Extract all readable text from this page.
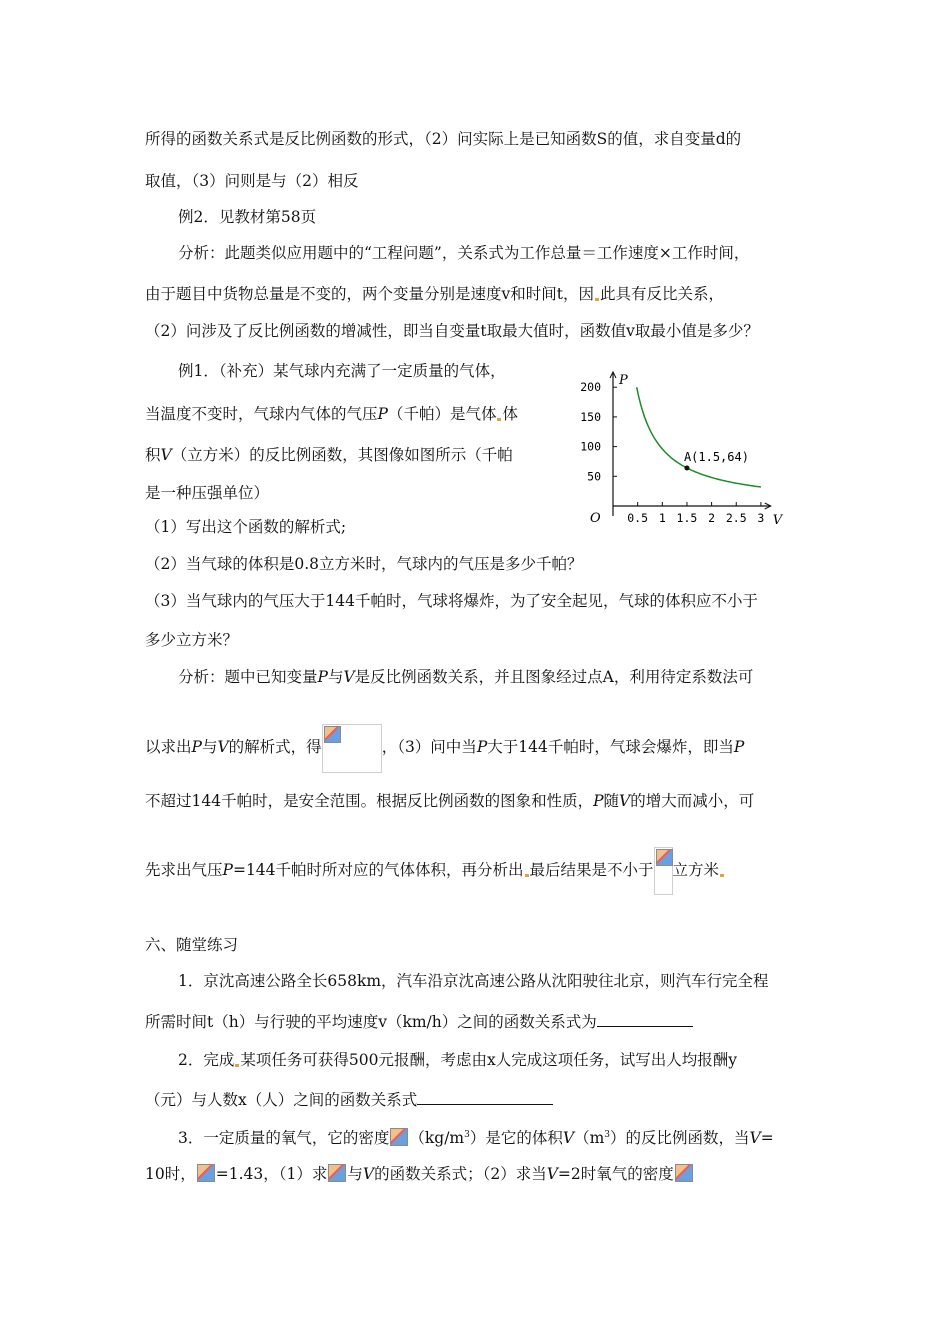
所得的函数关系式是反比例函数的形式，（2）问实际上是已知函数S的值，求自变量d的
取值，（3）问则是与（2）相反
例2．见教材第58页
分析：此题类似应用题中的“工程问题”，关系式为工作总量＝工作速度×工作时间，
由于题目中货物总量是不变的，两个变量分别是速度v和时间t，因 此具有反比关系，
（2）问涉及了反比例函数的增减性，即当自变量t取最大值时，函数值v取最小值是多少？
例1．（补充）某气球内充满了一定质量的气体，
当温度不变时，气球内气体的气压P（千帕）是气体 体
积V（立方米）的反比例函数，其图像如图所示（千帕
是一种压强单位）
0.5 1 1.5 2 2.5 3
50
100
150
200 P
V
O
A(1.5,64)
（1）写出这个函数的解析式;
（2）当气球的体积是0.8立方米时，气球内的气压是多少千帕？
（3）当气球内的气压大于144千帕时，气球将爆炸，为了安全起见，气球的体积应不小于
多少立方米？
分析：题中已知变量P与V是反比例函数关系，并且图象经过点A，利用待定系数法可
以求出P与V的解析式，得	，（3）问中当P大于144千帕时，气球会爆炸，即当P
不超过144千帕时，是安全范围。根据反比例函数的图象和性质，P随V的增大而减小，可
先求出气压P=144千帕时所对应的气体体积，再分析出 最后结果是不小于 立方米
六、随堂练习
1．京沈高速公路全长658km，汽车沿京沈高速公路从沈阳驶往北京，则汽车行完全程
所需时间t（h）与行驶的平均速度v（km/h）之间的函数关系式为
2．完成 某项任务可获得500元报酬，考虑由x人完成这项任务，试写出人均报酬y
（元）与人数x（人）之间的函数关系式
3．一定质量的氧气，它的密度 $(kg/m^3)$是它的体积$V(m^3)$的反比例函数，当V=
10时， =1.43，（1）求 与V的函数关系式；（2）求当V=2时氧气的密度
